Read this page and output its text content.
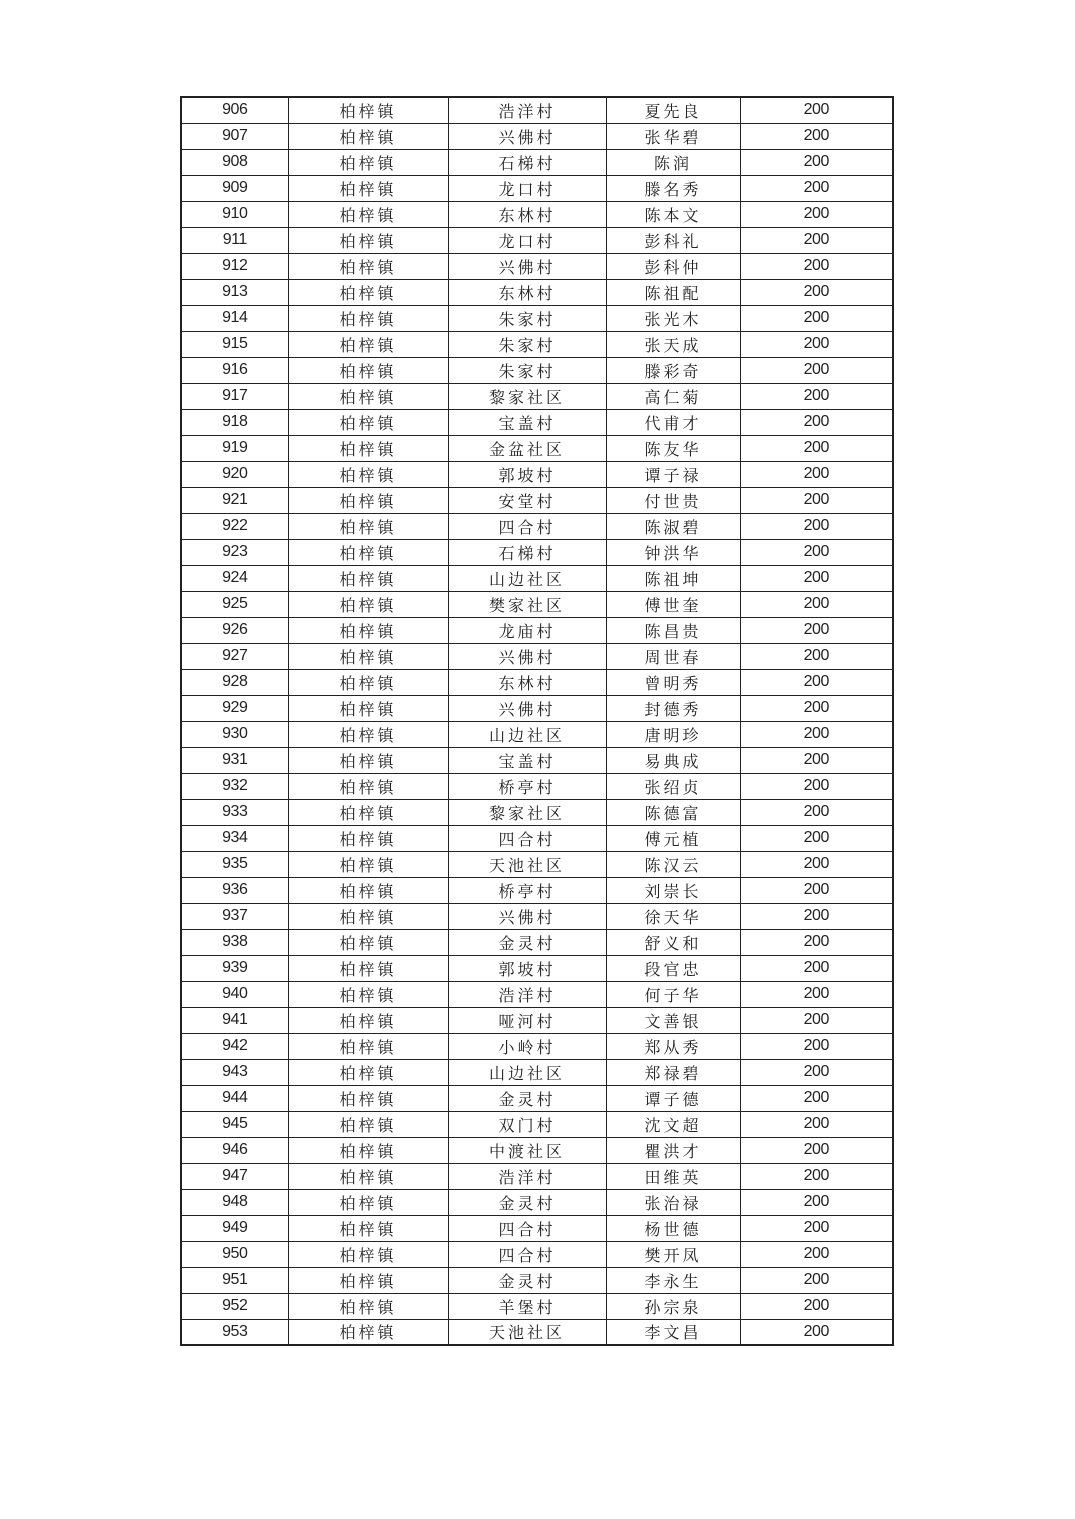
906	柏梓镇	浩洋村	夏先良	200
907	柏梓镇	兴佛村	张华碧	200
908	柏梓镇	石梯村	陈润	200
909	柏梓镇	龙口村	滕名秀	200
910	柏梓镇	东林村	陈本文	200
911	柏梓镇	龙口村	彭科礼	200
912	柏梓镇	兴佛村	彭科仲	200
913	柏梓镇	东林村	陈祖配	200
914	柏梓镇	朱家村	张光木	200
915	柏梓镇	朱家村	张天成	200
916	柏梓镇	朱家村	滕彩奇	200
917	柏梓镇	黎家社区	高仁菊	200
918	柏梓镇	宝盖村	代甫才	200
919	柏梓镇	金盆社区	陈友华	200
920	柏梓镇	郭坡村	谭子禄	200
921	柏梓镇	安堂村	付世贵	200
922	柏梓镇	四合村	陈淑碧	200
923	柏梓镇	石梯村	钟洪华	200
924	柏梓镇	山边社区	陈祖坤	200
925	柏梓镇	樊家社区	傅世奎	200
926	柏梓镇	龙庙村	陈昌贵	200
927	柏梓镇	兴佛村	周世春	200
928	柏梓镇	东林村	曾明秀	200
929	柏梓镇	兴佛村	封德秀	200
930	柏梓镇	山边社区	唐明珍	200
931	柏梓镇	宝盖村	易典成	200
932	柏梓镇	桥亭村	张绍贞	200
933	柏梓镇	黎家社区	陈德富	200
934	柏梓镇	四合村	傅元植	200
935	柏梓镇	天池社区	陈汉云	200
936	柏梓镇	桥亭村	刘崇长	200
937	柏梓镇	兴佛村	徐天华	200
938	柏梓镇	金灵村	舒义和	200
939	柏梓镇	郭坡村	段官忠	200
940	柏梓镇	浩洋村	何子华	200
941	柏梓镇	哑河村	文善银	200
942	柏梓镇	小岭村	郑从秀	200
943	柏梓镇	山边社区	郑禄碧	200
944	柏梓镇	金灵村	谭子德	200
945	柏梓镇	双门村	沈文超	200
946	柏梓镇	中渡社区	瞿洪才	200
947	柏梓镇	浩洋村	田维英	200
948	柏梓镇	金灵村	张治禄	200
949	柏梓镇	四合村	杨世德	200
950	柏梓镇	四合村	樊开凤	200
951	柏梓镇	金灵村	李永生	200
952	柏梓镇	羊堡村	孙宗泉	200
953	柏梓镇	天池社区	李文昌	200
